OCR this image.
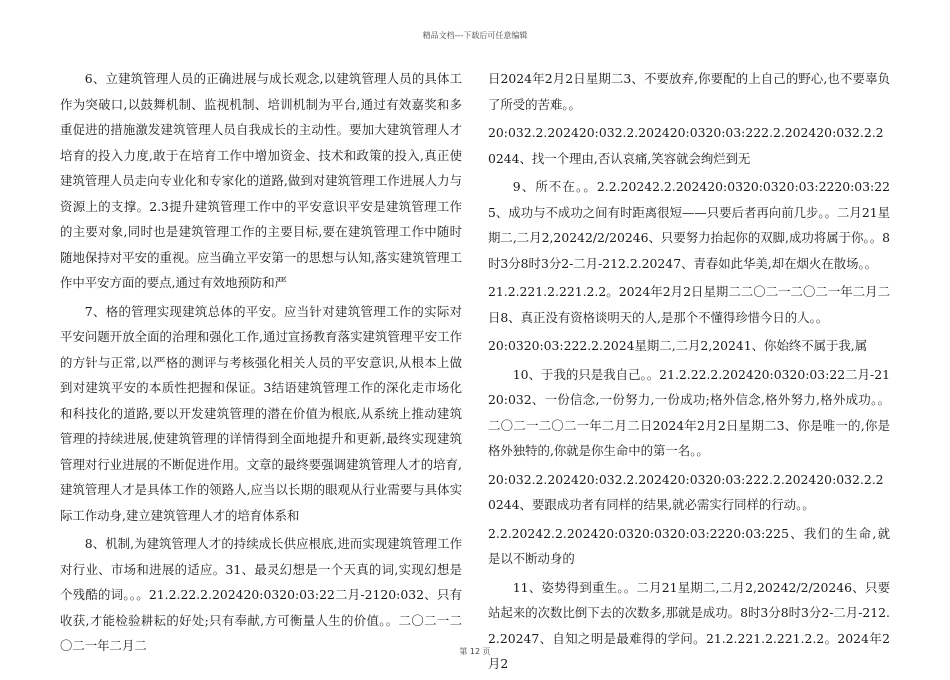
精品文档---下载后可任意编辑

6、立建筑管理人员的正确进展与成长观念,以建筑管理人员的具体工作为突破口,以鼓舞机制、监视机制、培训机制为平台,通过有效嘉奖和多重促进的措施激发建筑管理人员自我成长的主动性。要加大建筑管理人才培育的投入力度,敢于在培育工作中增加资金、技术和政策的投入,真正使建筑管理人员走向专业化和专家化的道路,做到对建筑管理工作进展人力与资源上的支撑。2.3提升建筑管理工作中的平安意识平安是建筑管理工作的主要对象,同时也是建筑管理工作的主要目标,要在建筑管理工作中随时随地保持对平安的重视。应当确立平安第一的思想与认知,落实建筑管理工作中平安方面的要点,通过有效地预防和严

7、格的管理实现建筑总体的平安。应当针对建筑管理工作的实际对平安问题开放全面的治理和强化工作,通过宣扬教育落实建筑管理平安工作的方针与正常,以严格的测评与考核强化相关人员的平安意识,从根本上做到对建筑平安的本质性把握和保证。3结语建筑管理工作的深化走市场化和科技化的道路,要以开发建筑管理的潜在价值为根底,从系统上推动建筑管理的持续进展,使建筑管理的详情得到全面地提升和更新,最终实现建筑管理对行业进展的不断促进作用。文章的最终要强调建筑管理人才的培育,建筑管理人才是具体工作的领路人,应当以长期的眼观从行业需要与具体实际工作动身,建立建筑管理人才的培育体系和

8、机制,为建筑管理人才的持续成长供应根底,进而实现建筑管理工作对行业、市场和进展的适应。31、最灵幻想是一个天真的词,实现幻想是个残酷的词。。。21.2.22.2.202420:0320:03:22二月-2120:032、只有收获,才能检验耕耘的好处;只有奉献,方可衡量人生的价值。。二〇二一二〇二一年二月二

日2024年2月2日星期二3、不要放弃,你要配的上自己的野心,也不要辜负了所受的苦难。。

20:032.2.202420:032.2.202420:0320:03:222.2.202420:032.2.20244、找一个理由,否认哀痛,笑容就会绚烂到无

9、所不在。。2.2.20242.2.202420:0320:0320:03:2220:03:225、成功与不成功之间有时距离很短——只要后者再向前几步。。二月21星期二,二月2,20242/2/20246、只要努力抬起你的双脚,成功将属于你。。8时3分8时3分2-二月-212.2.20247、青春如此华美,却在烟火在散场。。

21.2.221.2.221.2.2。2024年2月2日星期二二〇二一二〇二一年二月二日8、真正没有资格谈明天的人,是那个不懂得珍惜今日的人。。

20:0320:03:222.2.2024星期二,二月2,20241、你始终不属于我,属

10、于我的只是我自己。。21.2.22.2.202420:0320:03:22二月-2120:032、一份信念,一份努力,一份成功;格外信念,格外努力,格外成功。。二〇二一二〇二一年二月二日2024年2月2日星期二3、你是唯一的,你是格外独特的,你就是你生命中的第一名。。

20:032.2.202420:032.2.202420:0320:03:222.2.202420:032.2.20244、要跟成功者有同样的结果,就必需实行同样的行动。。

2.2.20242.2.202420:0320:0320:03:2220:03:225、我们的生命,就是以不断动身的

11、姿势得到重生。。二月21星期二,二月2,20242/2/20246、只要站起来的次数比倒下去的次数多,那就是成功。8时3分8时3分2-二月-212.2.20247、自知之明是最难得的学问。21.2.221.2.221.2.2。2024年2月2

第 12 页
